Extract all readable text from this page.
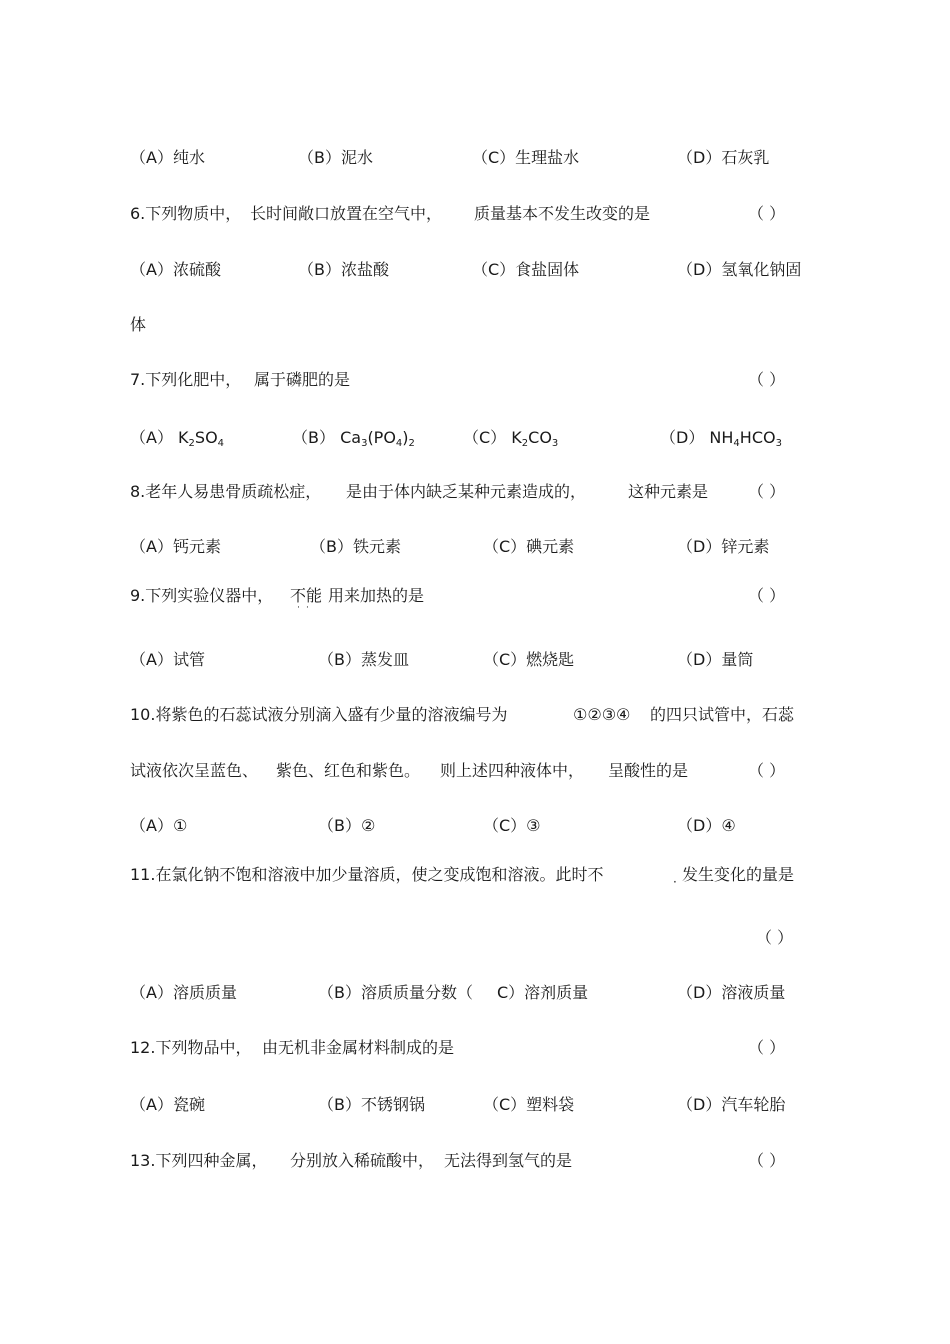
（A）纯水	（B）泥水	（C）生理盐水	（D）石灰乳
6.下列物质中， 长时间敞口放置在空气中， 质量基本不发生改变的是	（ ）
（A）浓硫酸	（B）浓盐酸	（C）食盐固体	（D）氢氧化钠固
体
7.下列化肥中， 属于磷肥的是	（ ）
（A） $K_2SO_4$	（B） $Ca_3(PO_4)_2$	（C） $K_2CO_3$	（D） $NH_4HCO_3$
8.老年人易患骨质疏松症， 是由于体内缺乏某种元素造成的，	这种元素是 （ ）
（A）钙元素	（B）铁元素	（C）碘元素	（D）锌元素
9.下列实验仪器中， 不能
··
用来加热的是	（ ）
（A）试管	（B）蒸发皿	（C）燃烧匙	（D）量筒
10.将紫色的石蕊试液分别滴入盛有少量的溶液编号为	①②③④ 的四只试管中，石蕊
试液依次呈蓝色、 紫色、红色和紫色。 则上述四种液体中， 呈酸性的是	（ ）
（A）①	（B）②	（C）③	（D）④
11.在氯化钠不饱和溶液中加少量溶质，使之变成饱和溶液。此时不	· 发生变化的量是
（ ）
（A）溶质质量	（B）溶质质量分数（ C）溶剂质量	（D）溶液质量
12.下列物品中， 由无机非金属材料制成的是	（ ）
（A）瓷碗	（B）不锈钢锅	（C）塑料袋	（D）汽车轮胎
13.下列四种金属， 分别放入稀硫酸中， 无法得到氢气的是	（ ）
